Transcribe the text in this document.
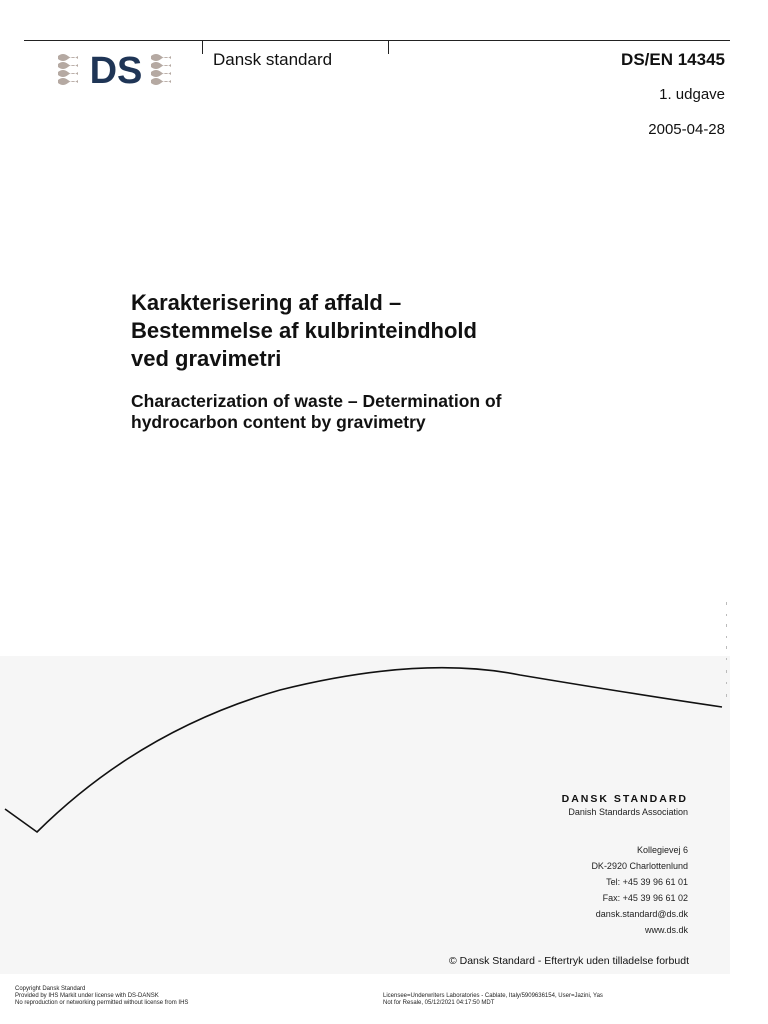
DS	Dansk standard	DS/EN 14345
1. udgave
2005-04-28
Karakterisering af affald –
Bestemmelse af kulbrinteindhold
ved gravimetri
Characterization of waste – Determination of
hydrocarbon content by gravimetry
DANSK STANDARD
Danish Standards Association
Kollegievej 6
DK-2920 Charlottenlund
Tel: +45 39 96 61 01
Fax: +45 39 96 61 02
dansk.standard@ds.dk
www.ds.dk
© Dansk Standard - Eftertryk uden tilladelse forbudt
Copyright Dansk Standard
Provided by IHS Markit under license with DS-DANSK
No reproduction or networking permitted without license from IHS
Licensee=Underwriters Laboratories - Cablate, Italy/5909636154, User=Jazini, Yas
Not for Resale, 05/12/2021 04:17:50 MDT
